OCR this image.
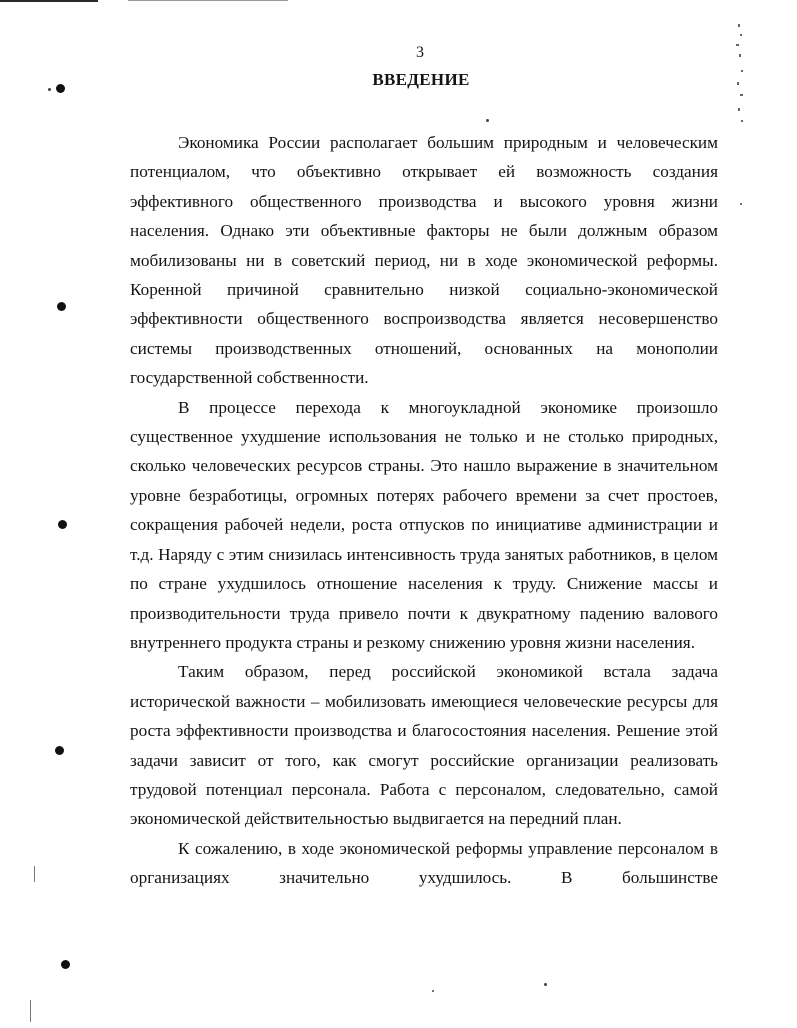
3
ВВЕДЕНИЕ

Экономика России располагает большим природным и человеческим потенциалом, что объективно открывает ей возможность создания эффективного общественного производства и высокого уровня жизни населения. Однако эти объективные факторы не были должным образом мобилизованы ни в советский период, ни в ходе экономической реформы. Коренной причиной сравнительно низкой социально-экономической эффективности общественного воспроизводства является несовершенство системы производственных отношений, основанных на монополии государственной собственности.

В процессе перехода к многоукладной экономике произошло существенное ухудшение использования не только и не столько природных, сколько человеческих ресурсов страны. Это нашло выражение в значительном уровне безработицы, огромных потерях рабочего времени за счет простоев, сокращения рабочей недели, роста отпусков по инициативе администрации и т.д. Наряду с этим снизилась интенсивность труда занятых работников, в целом по стране ухудшилось отношение населения к труду. Снижение массы и производительности труда привело почти к двукратному падению валового внутреннего продукта страны и резкому снижению уровня жизни населения.

Таким образом, перед российской экономикой встала задача исторической важности – мобилизовать имеющиеся человеческие ресурсы для роста эффективности производства и благосостояния населения. Решение этой задачи зависит от того, как смогут российские организации реализовать трудовой потенциал персонала. Работа с персоналом, следовательно, самой экономической действительностью выдвигается на передний план.

К сожалению, в ходе экономической реформы управление персоналом в организациях значительно ухудшилось. В большинстве
